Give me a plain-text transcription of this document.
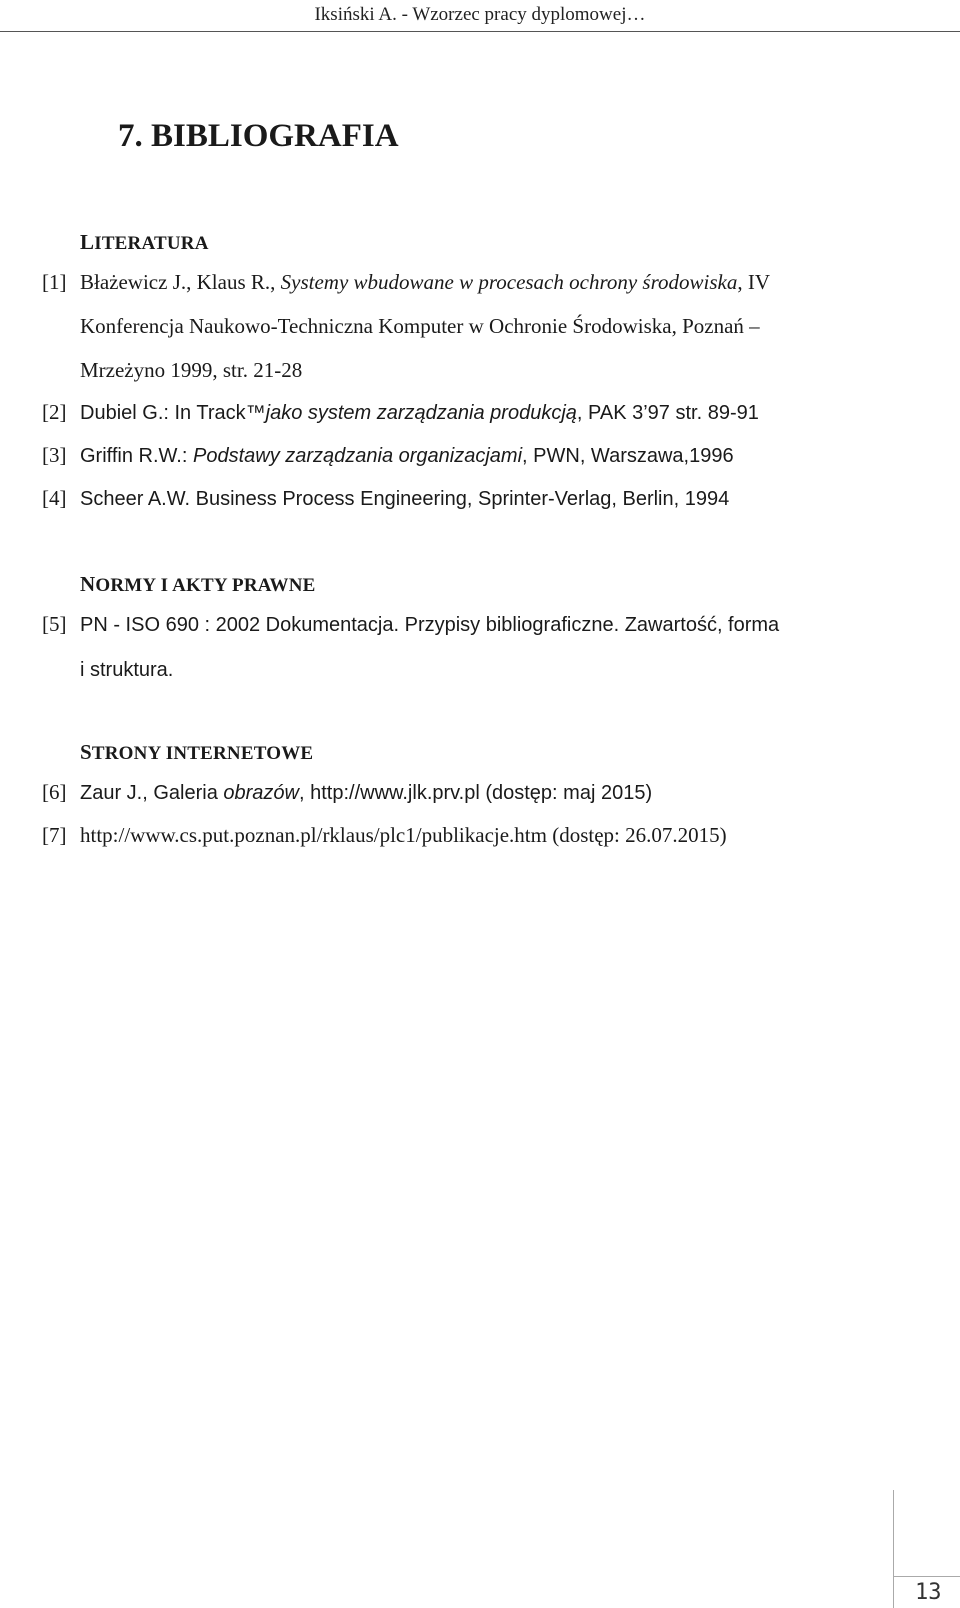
Iksiński A. - Wzorzec pracy dyplomowej…
7. BIBLIOGRAFIA
LITERATURA
[1] Błażewicz J., Klaus R., Systemy wbudowane w procesach ochrony środowiska, IV
Konferencja Naukowo-Techniczna Komputer w Ochronie Środowiska, Poznań –
Mrzeżyno 1999, str. 21-28
[2] Dubiel G.: In Track™jako system zarządzania produkcją, PAK 3’97 str. 89-91
[3] Griffin R.W.: Podstawy zarządzania organizacjami, PWN, Warszawa,1996
[4] Scheer A.W. Business Process Engineering, Sprinter-Verlag, Berlin, 1994
NORMY I AKTY PRAWNE
[5] PN - ISO 690 : 2002 Dokumentacja. Przypisy bibliograficzne. Zawartość, forma
i struktura.
STRONY INTERNETOWE
[6] Zaur J., Galeria obrazów, http://www.jlk.prv.pl (dostęp: maj 2015)
[7] http://www.cs.put.poznan.pl/rklaus/plc1/publikacje.htm (dostęp: 26.07.2015)
13
